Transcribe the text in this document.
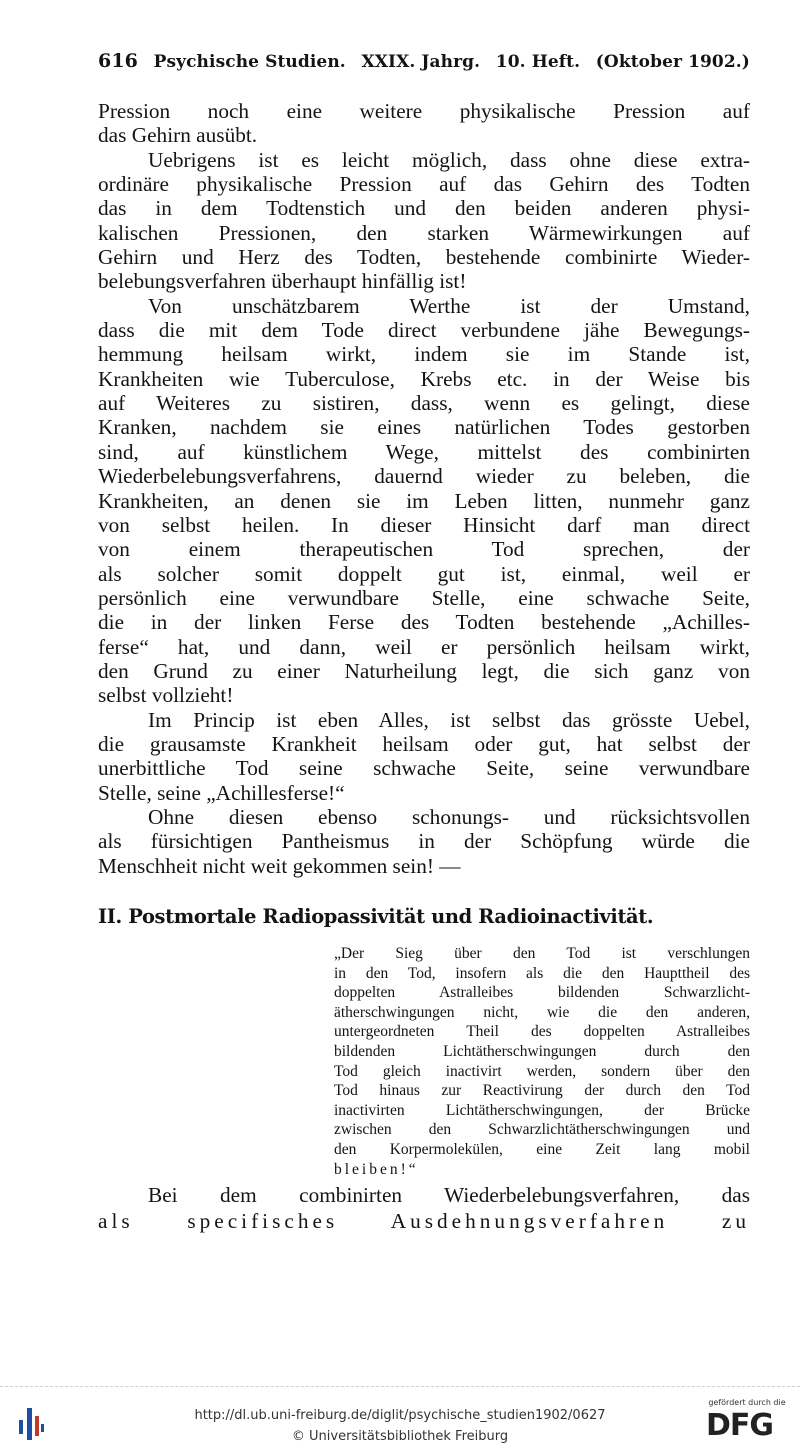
616 Psychische Studien. XXIX. Jahrg. 10. Heft. (Oktober 1902.)
Pression noch eine weitere physikalische Pression auf
das Gehirn ausübt.
Uebrigens ist es leicht möglich, dass ohne diese extra-
ordinäre physikalische Pression auf das Gehirn des Todten
das in dem Todtenstich und den beiden anderen physi-
kalischen Pressionen, den starken Wärmewirkungen auf
Gehirn und Herz des Todten, bestehende combinirte Wieder-
belebungsverfahren überhaupt hinfällig ist!
Von unschätzbarem Werthe ist der Umstand,
dass die mit dem Tode direct verbundene jähe Bewegungs-
hemmung heilsam wirkt, indem sie im Stande ist,
Krankheiten wie Tuberculose, Krebs etc. in der Weise bis
auf Weiteres zu sistiren, dass, wenn es gelingt, diese
Kranken, nachdem sie eines natürlichen Todes gestorben
sind, auf künstlichem Wege, mittelst des combinirten
Wiederbelebungsverfahrens, dauernd wieder zu beleben, die
Krankheiten, an denen sie im Leben litten, nunmehr ganz
von selbst heilen. In dieser Hinsicht darf man direct
von einem therapeutischen Tod sprechen, der
als solcher somit doppelt gut ist, einmal, weil er
persönlich eine verwundbare Stelle, eine schwache Seite,
die in der linken Ferse des Todten bestehende „Achilles-
ferse“ hat, und dann, weil er persönlich heilsam wirkt,
den Grund zu einer Naturheilung legt, die sich ganz von
selbst vollzieht!
Im Princip ist eben Alles, ist selbst das grösste Uebel,
die grausamste Krankheit heilsam oder gut, hat selbst der
unerbittliche Tod seine schwache Seite, seine verwundbare
Stelle, seine „Achillesferse!“
Ohne diesen ebenso schonungs- und rücksichtsvollen
als fürsichtigen Pantheismus in der Schöpfung würde die
Menschheit nicht weit gekommen sein! —
II. Postmortale Radiopassivität und Radioinactivität.
„Der Sieg über den Tod ist verschlungen
in den Tod, insofern als die den Haupttheil des
doppelten Astralleibes bildenden Schwarzlicht-
ätherschwingungen nicht, wie die den anderen,
untergeordneten Theil des doppelten Astralleibes
bildenden Lichtätherschwingungen durch den
Tod gleich inactivirt werden, sondern über den
Tod hinaus zur Reactivirung der durch den Tod
inactivirten Lichtätherschwingungen, der Brücke
zwischen den Schwarzlichtätherschwingungen und
den Korpermolekülen, eine Zeit lang mobil
bleiben!“
Bei dem combinirten Wiederbelebungsverfahren, das
als specifisches Ausdehnungsverfahren zu
http://dl.ub.uni-freiburg.de/diglit/psychische_studien1902/0627
© Universitätsbibliothek Freiburg
gefördert durch die
DFG
